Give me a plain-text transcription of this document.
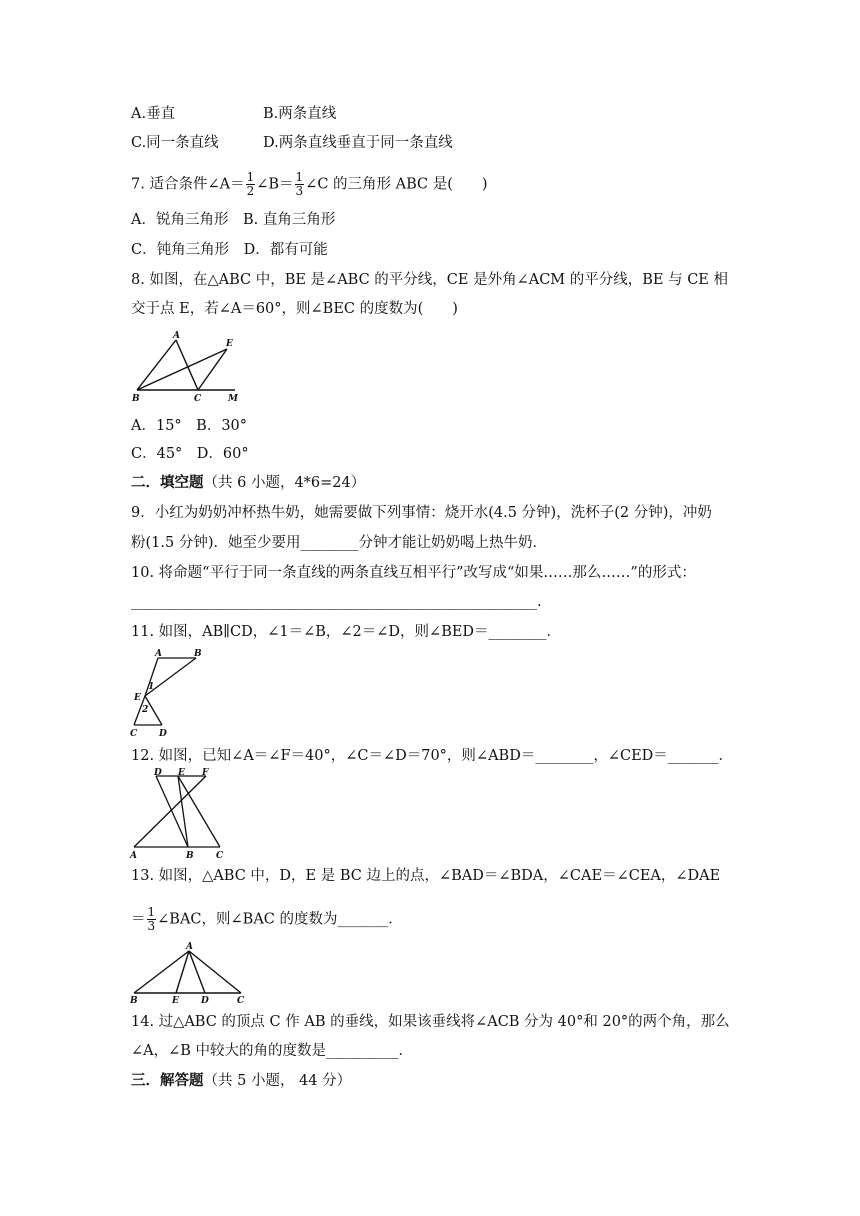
A.垂直	B.两条直线
C.同一条直线	D.两条直线垂直于同一条直线
7. 适合条件∠A＝ $\frac{1}{2}$ ∠B＝ $\frac{1}{3}$ ∠C 的三角形 ABC 是(　　)
A．锐角三角形　B. 直角三角形
C．钝角三角形　D．都有可能
8. 如图，在△ABC 中，BE 是∠ABC 的平分线，CE 是外角∠ACM 的平分线，BE 与 CE 相
交于点 E，若∠A＝60°，则∠BEC 的度数为(　　)
A
E
B	C	M
A．15°　B．30°
C．45°　D．60°
二．填空题（共 6 小题，4*6=24）
9．小红为奶奶冲杯热牛奶，她需要做下列事情：烧开水(4.5 分钟)，洗杯子(2 分钟)，冲奶
粉(1.5 分钟)．她至少要用________分钟才能让奶奶喝上热牛奶．
10. 将命题“平行于同一条直线的两条直线互相平行”改写成“如果……那么……”的形式：
________________________________________________________.
11. 如图，AB∥CD，∠1＝∠B，∠2＝∠D，则∠BED＝________．
A	B
E
C D
1
2
12. 如图，已知∠A＝∠F＝40°，∠C＝∠D＝70°，则∠ABD＝________，∠CED＝_______．
D E F
A	B C
13. 如图，△ABC 中，D，E 是 BC 边上的点，∠BAD＝∠BDA，∠CAE＝∠CEA，∠DAE
＝ $\frac{1}{3}$ ∠BAC，则∠BAC 的度数为_______．
A
B	E D	C
14. 过△ABC 的顶点 C 作 AB 的垂线，如果该垂线将∠ACB 分为 40°和 20°的两个角，那么
∠A，∠B 中较大的角的度数是__________．
三．解答题（共 5 小题， 44 分）
